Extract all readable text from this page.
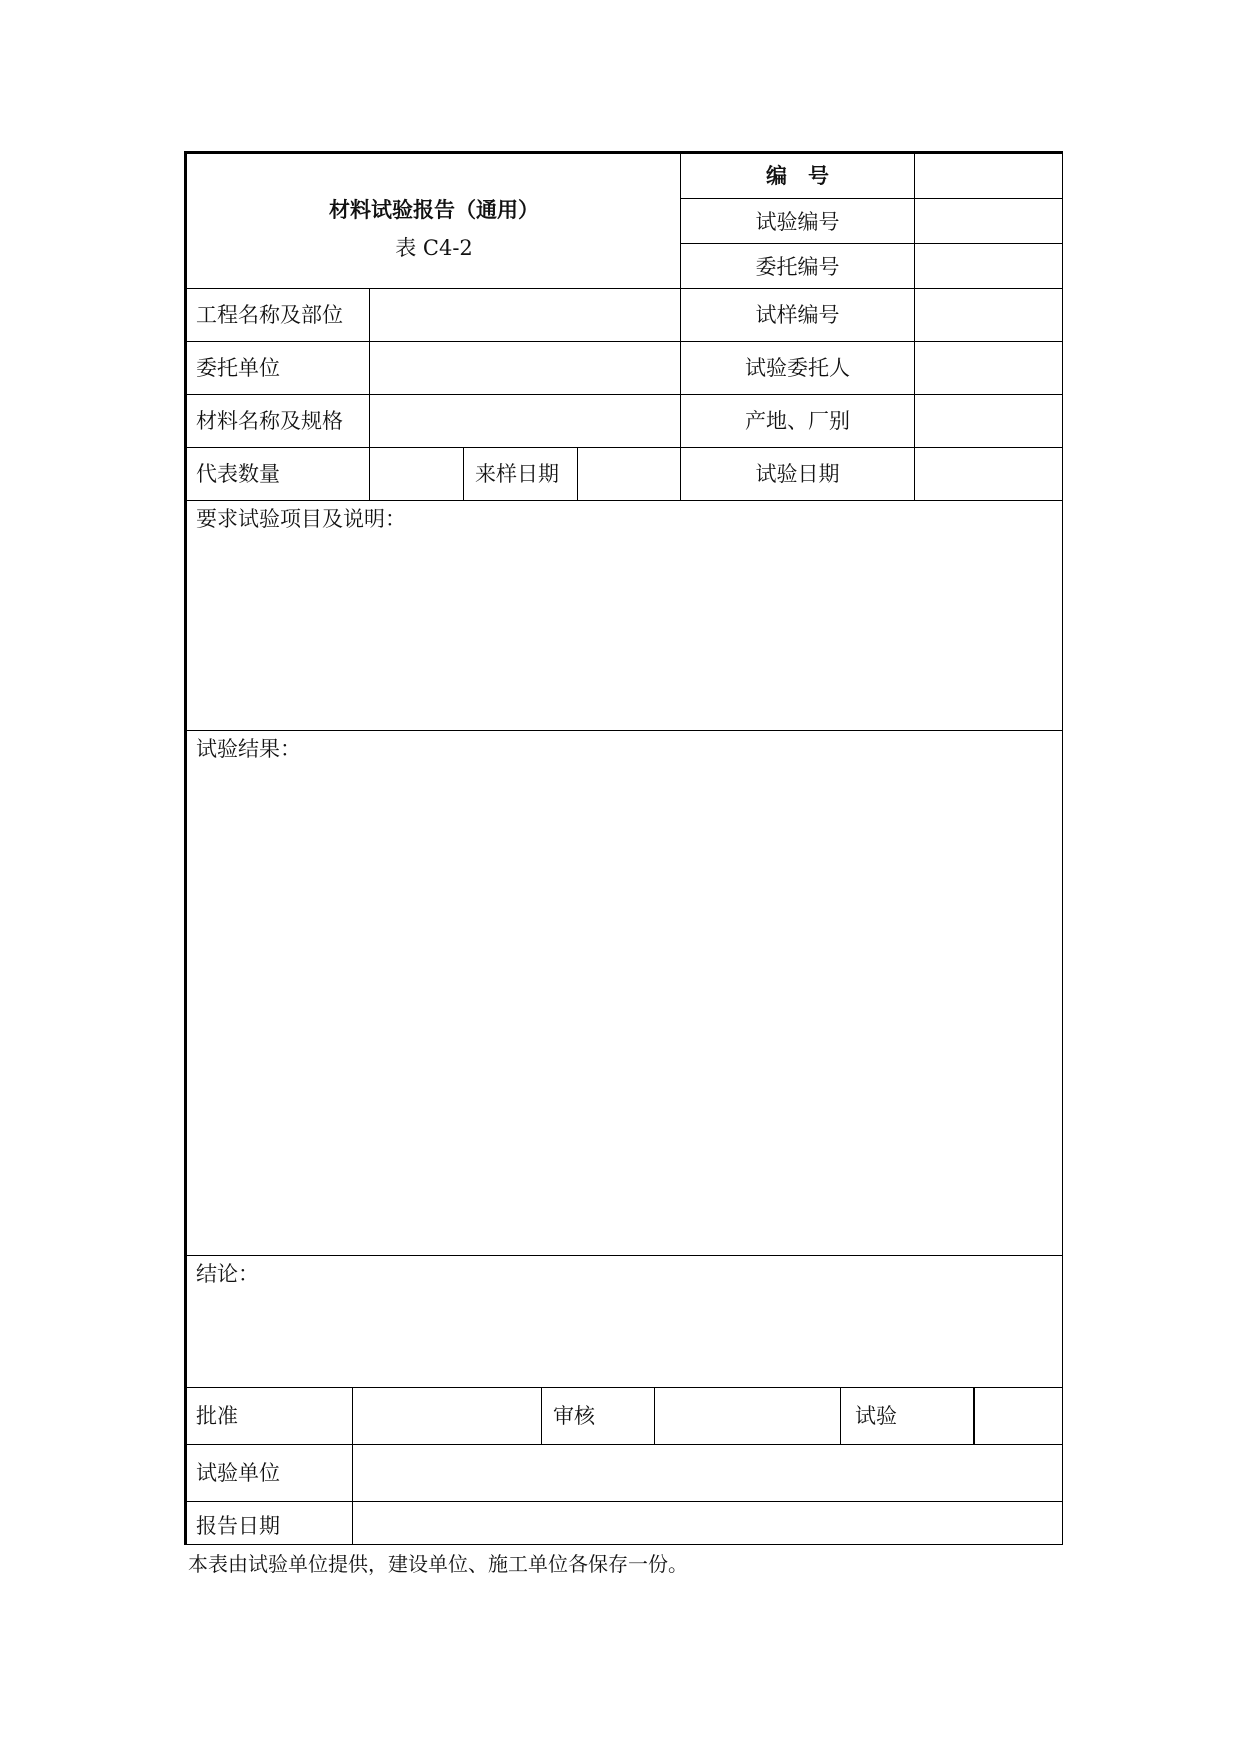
材料试验报告（通用）
表 C4-2
编　号
试验编号
委托编号
工程名称及部位	试样编号
委托单位	试验委托人
材料名称及规格	产地、厂别
代表数量	来样日期	试验日期
要求试验项目及说明：
试验结果：
结论：
批准	审核	试验
试验单位
报告日期
本表由试验单位提供，建设单位、施工单位各保存一份。
